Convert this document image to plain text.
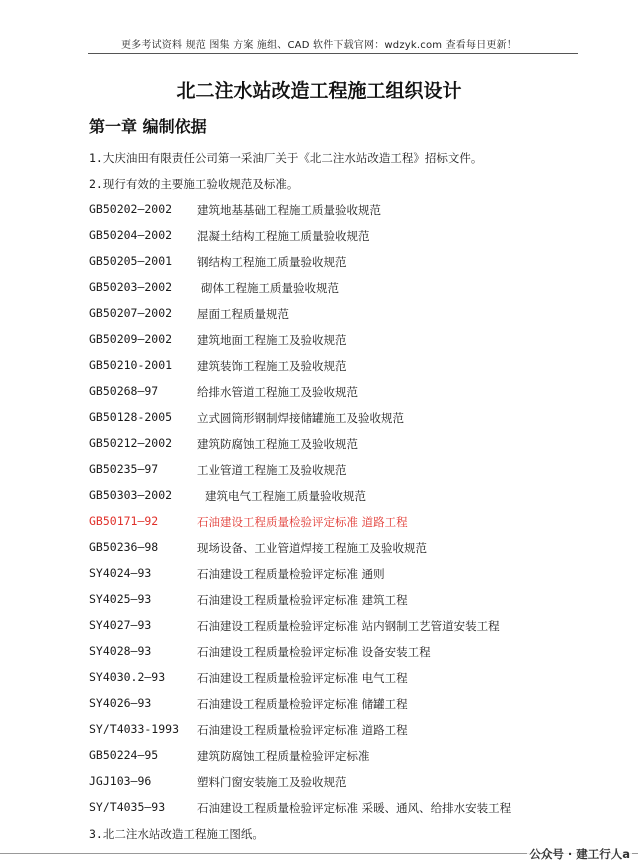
更多考试资料 规范 图集 方案 施组、CAD 软件下载官网：wdzyk.com 查看每日更新！
北二注水站改造工程施工组织设计
第一章 编制依据
1.大庆油田有限责任公司第一采油厂关于《北二注水站改造工程》招标文件。
2.现行有效的主要施工验收规范及标准。
GB50202—2002 建筑地基基础工程施工质量验收规范
GB50204—2002 混凝土结构工程施工质量验收规范
GB50205—2001 钢结构工程施工质量验收规范
GB50203—2002	砌体工程施工质量验收规范
GB50207—2002 屋面工程质量规范
GB50209—2002 建筑地面工程施工及验收规范
GB50210-2001 建筑装饰工程施工及验收规范
GB50268—97	给排水管道工程施工及验收规范
GB50128-2005 立式圆筒形钢制焊接储罐施工及验收规范
GB50212—2002 建筑防腐蚀工程施工及验收规范
GB50235—97	工业管道工程施工及验收规范
GB50303—2002	建筑电气工程施工质量验收规范
GB50171—92	石油建设工程质量检验评定标准 道路工程
GB50236—98	现场设备、工业管道焊接工程施工及验收规范
SY4024—93	石油建设工程质量检验评定标准 通则
SY4025—93	石油建设工程质量检验评定标准 建筑工程
SY4027—93	石油建设工程质量检验评定标准 站内钢制工艺管道安装工程
SY4028—93	石油建设工程质量检验评定标准 设备安装工程
SY4030.2—93	石油建设工程质量检验评定标准 电气工程
SY4026—93	石油建设工程质量检验评定标准 储罐工程
SY/T4033-1993 石油建设工程质量检验评定标准 道路工程
GB50224—95	建筑防腐蚀工程质量检验评定标准
JGJ103—96	塑料门窗安装施工及验收规范
SY/T4035—93	石油建设工程质量检验评定标准 采暖、通风、给排水安装工程
3.北二注水站改造工程施工图纸。
公众号 · 建工行人a
